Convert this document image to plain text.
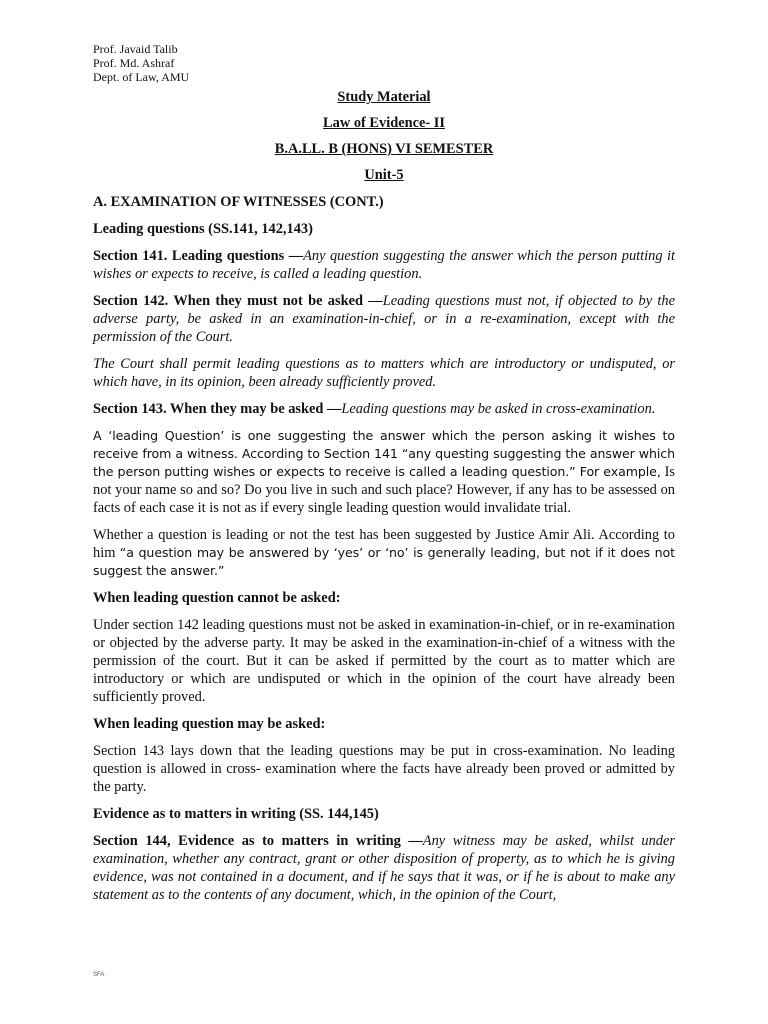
Prof. Javaid Talib
Prof. Md. Ashraf
Dept. of Law, AMU
Study Material
Law of Evidence- II
B.A.LL. B (HONS) VI SEMESTER
Unit-5
A. EXAMINATION OF WITNESSES (CONT.)
Leading questions (SS.141, 142,143)

Section 141. Leading questions —Any question suggesting the answer which the person putting it wishes or expects to receive, is called a leading question.

Section 142. When they must not be asked —Leading questions must not, if objected to by the adverse party, be asked in an examination-in-chief, or in a re-examination, except with the permission of the Court.

The Court shall permit leading questions as to matters which are introductory or undisputed, or which have, in its opinion, been already sufficiently proved.

Section 143. When they may be asked —Leading questions may be asked in cross-examination.

A ‘leading Question’ is one suggesting the answer which the person asking it wishes to receive from a witness. According to Section 141 “any questing suggesting the answer which the person putting wishes or expects to receive is called a leading question.” For example, Is not your name so and so? Do you live in such and such place? However, if any has to be assessed on facts of each case it is not as if every single leading question would invalidate trial.

Whether a question is leading or not the test has been suggested by Justice Amir Ali. According to him “a question may be answered by ‘yes’ or ‘no’ is generally leading, but not if it does not suggest the answer.”

When leading question cannot be asked:

Under section 142 leading questions must not be asked in examination-in-chief, or in re-examination or objected by the adverse party. It may be asked in the examination-in-chief of a witness with the permission of the court. But it can be asked if permitted by the court as to matter which are introductory or which are undisputed or which in the opinion of the court have already been sufficiently proved.

When leading question may be asked:

Section 143 lays down that the leading questions may be put in cross-examination. No leading question is allowed in cross- examination where the facts have already been proved or admitted by the party.

Evidence as to matters in writing (SS. 144,145)

Section 144, Evidence as to matters in writing —Any witness may be asked, whilst under examination, whether any contract, grant or other disposition of property, as to which he is giving evidence, was not contained in a document, and if he says that it was, or if he is about to make any statement as to the contents of any document, which, in the opinion of the Court,

SFA
